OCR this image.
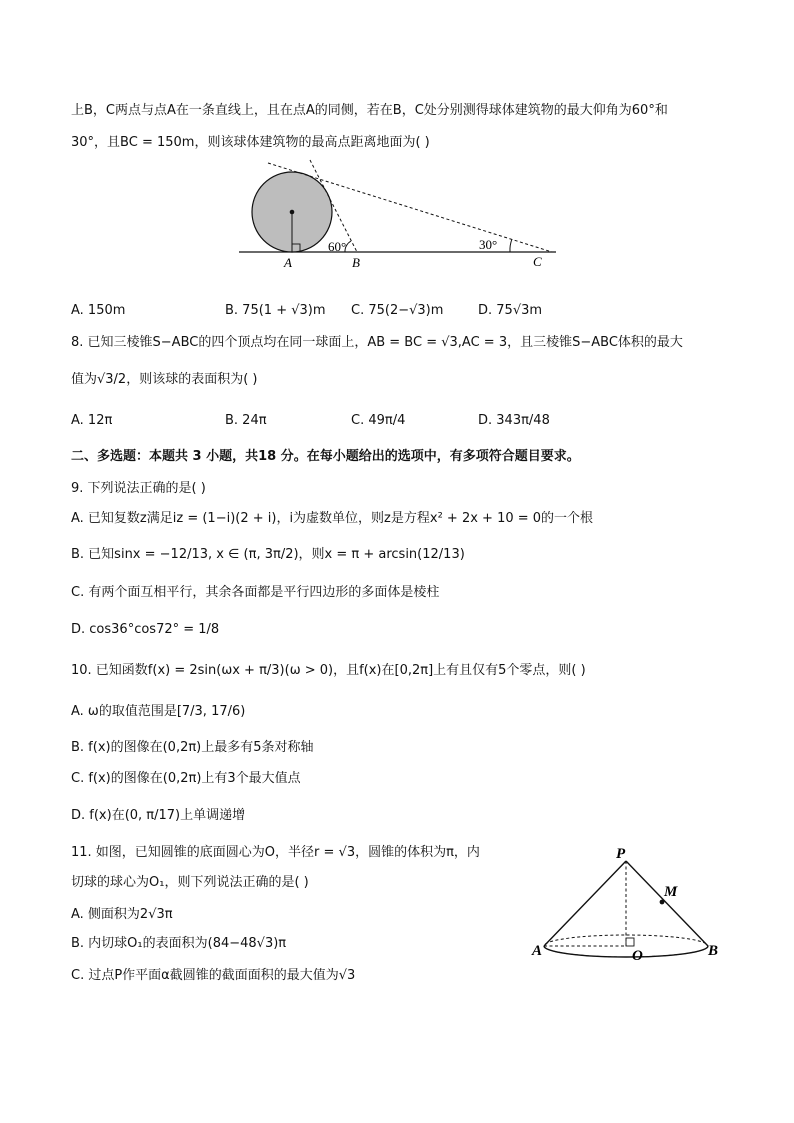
上B，C两点与点A在一条直线上，且在点A的同侧，若在B，C处分别测得球体建筑物的最大仰角为60°和
30°，且BC = 150m，则该球体建筑物的最高点距离地面为( )
60°	30°
A	B	C
A. 150m	B. 75(1 + √3)m C. 75(2−√3)m	D. 75√3m
8. 已知三棱锥S−ABC的四个顶点均在同一球面上，AB = BC = √3,AC = 3，且三棱锥S−ABC体积的最大
值为√3/2，则该球的表面积为( )
A. 12π	B. 24π	C. 49π/4	D. 343π/48
二、多选题：本题共 3 小题，共18 分。在每小题给出的选项中，有多项符合题目要求。
9. 下列说法正确的是( )
A. 已知复数z满足iz = (1−i)(2 + i)，i为虚数单位，则z是方程x² + 2x + 10 = 0的一个根
B. 已知sinx = −12/13, x ∈ (π, 3π/2)，则x = π + arcsin(12/13)
C. 有两个面互相平行，其余各面都是平行四边形的多面体是棱柱
D. cos36°cos72° = 1/8
10. 已知函数f(x) = 2sin(ωx + π/3)(ω > 0)，且f(x)在[0,2π]上有且仅有5个零点，则( )
A. ω的取值范围是[7/3, 17/6)
B. f(x)的图像在(0,2π)上最多有5条对称轴
C. f(x)的图像在(0,2π)上有3个最大值点
D. f(x)在(0, π/17)上单调递增
11. 如图，已知圆锥的底面圆心为O，半径r = √3，圆锥的体积为π，内
切球的球心为O₁，则下列说法正确的是( )
A. 侧面积为2√3π
B. 内切球O₁的表面积为(84−48√3)π
C. 过点P作平面α截圆锥的截面面积的最大值为√3
P
M
A	O	B
